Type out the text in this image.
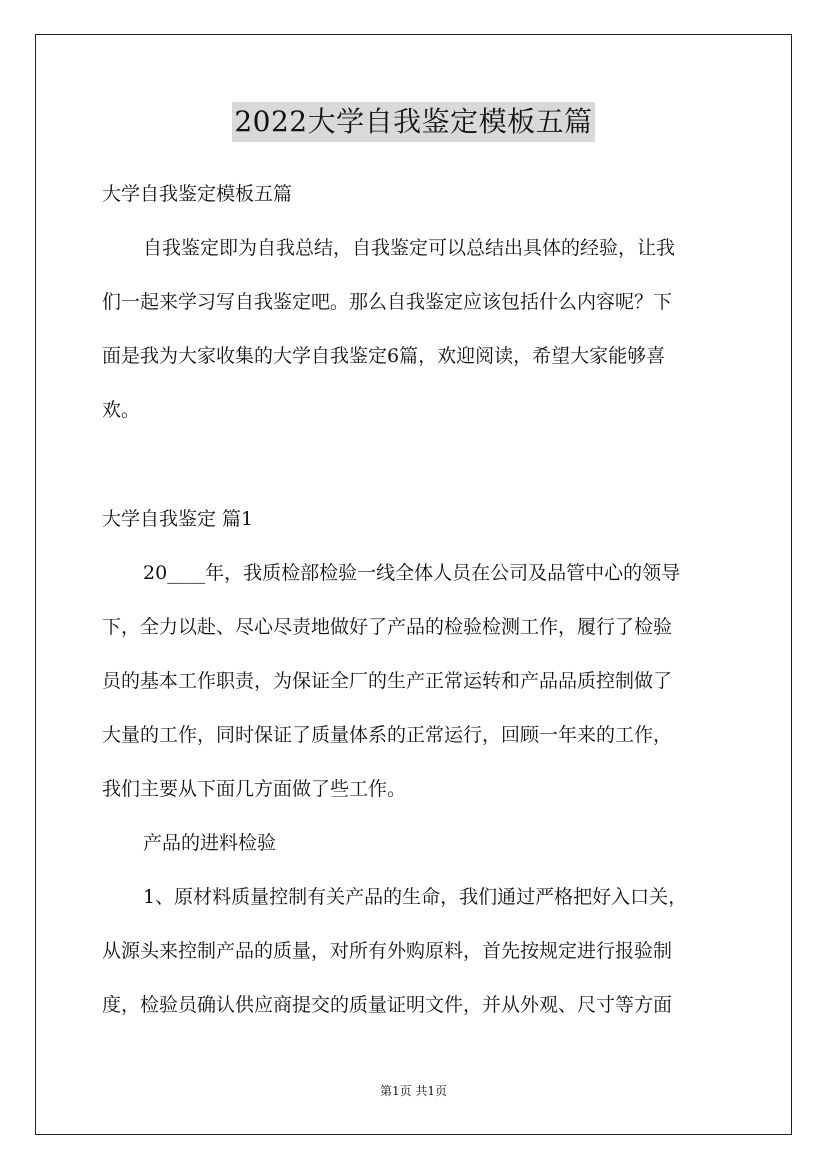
2022大学自我鉴定模板五篇
大学自我鉴定模板五篇
自我鉴定即为自我总结，自我鉴定可以总结出具体的经验，让我
们一起来学习写自我鉴定吧。那么自我鉴定应该包括什么内容呢？下
面是我为大家收集的大学自我鉴定6篇，欢迎阅读，希望大家能够喜
欢。
大学自我鉴定 篇1
20____年，我质检部检验一线全体人员在公司及品管中心的领导
下，全力以赴、尽心尽责地做好了产品的检验检测工作，履行了检验
员的基本工作职责，为保证全厂的生产正常运转和产品品质控制做了
大量的工作，同时保证了质量体系的正常运行，回顾一年来的工作，
我们主要从下面几方面做了些工作。
产品的进料检验
1、原材料质量控制有关产品的生命，我们通过严格把好入口关，
从源头来控制产品的质量，对所有外购原料，首先按规定进行报验制
度，检验员确认供应商提交的质量证明文件，并从外观、尺寸等方面
第1页 共1页
